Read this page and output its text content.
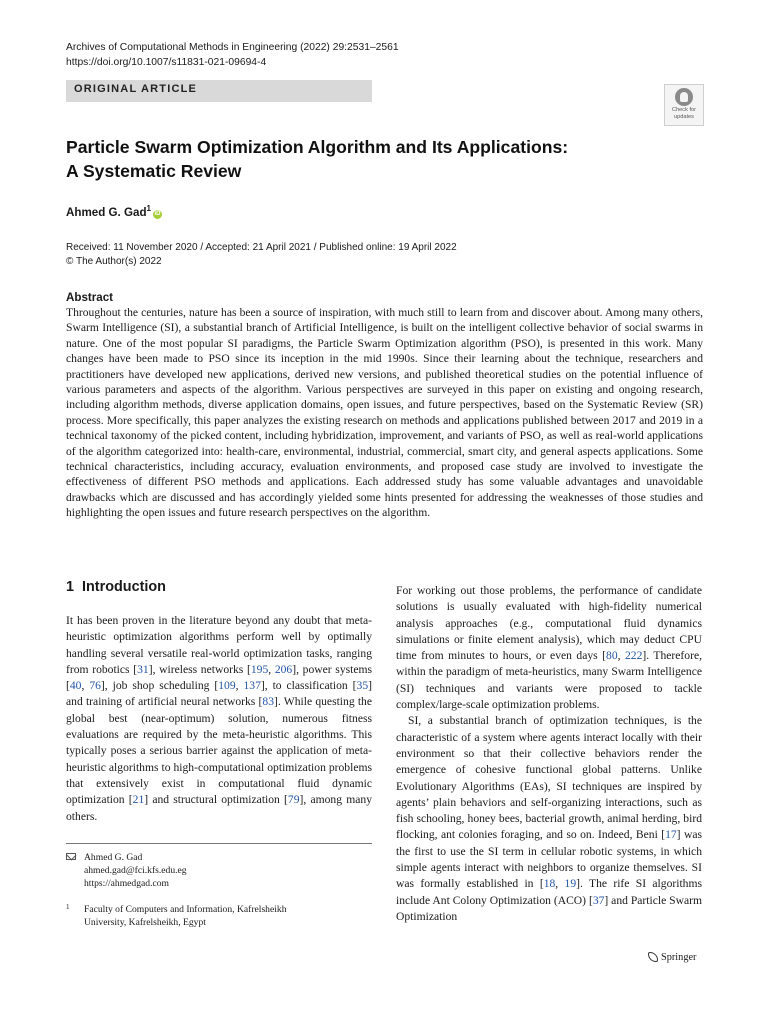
Archives of Computational Methods in Engineering (2022) 29:2531–2561
https://doi.org/10.1007/s11831-021-09694-4
ORIGINAL ARTICLE
Check for
updates
Particle Swarm Optimization Algorithm and Its Applications:
A Systematic Review
Ahmed G. Gad$^1$iD
Received: 11 November 2020 / Accepted: 21 April 2021 / Published online: 19 April 2022
© The Author(s) 2022
Abstract
Throughout the centuries, nature has been a source of inspiration, with much still to learn from and discover about. Among many others, Swarm Intelligence (SI), a substantial branch of Artificial Intelligence, is built on the intelligent collective behavior of social swarms in nature. One of the most popular SI paradigms, the Particle Swarm Optimization algorithm (PSO), is presented in this work. Many changes have been made to PSO since its inception in the mid 1990s. Since their learning about the technique, researchers and practitioners have developed new applications, derived new versions, and published theoretical studies on the potential influence of various parameters and aspects of the algorithm. Various perspectives are surveyed in this paper on existing and ongoing research, including algorithm methods, diverse application domains, open issues, and future perspectives, based on the Systematic Review (SR) process. More specifically, this paper analyzes the existing research on methods and applications published between 2017 and 2019 in a technical taxonomy of the picked content, including hybridization, improvement, and variants of PSO, as well as real-world applications of the algorithm categorized into: health-care, environmental, industrial, commercial, smart city, and general aspects applications. Some technical characteristics, including accuracy, evaluation environments, and proposed case study are involved to investigate the effectiveness of different PSO methods and applications. Each addressed study has some valuable advantages and unavoidable drawbacks which are discussed and has accordingly yielded some hints presented for addressing the weaknesses of those studies and highlighting the open issues and future research perspectives on the algorithm.
1 Introduction

It has been proven in the literature beyond any doubt that meta-heuristic optimization algorithms perform well by optimally handling several versatile real-world optimization tasks, ranging from robotics [31], wireless networks [195, 206], power systems [40, 76], job shop scheduling [109, 137], to classification [35] and training of artificial neural networks [83]. While questing the global best (near-optimum) solution, numerous fitness evaluations are required by the meta-heuristic algorithms. This typically poses a serious barrier against the application of meta-heuristic algorithms to high-computational optimization problems that extensively exist in computational fluid dynamic optimization [21] and structural optimization [79], among many others.

For working out those problems, the performance of candidate solutions is usually evaluated with high-fidelity numerical analysis approaches (e.g., computational fluid dynamics simulations or finite element analysis), which may deduct CPU time from minutes to hours, or even days [80, 222]. Therefore, within the paradigm of meta-heuristics, many Swarm Intelligence (SI) techniques and variants were proposed to tackle complex/large-scale optimization problems.

SI, a substantial branch of optimization techniques, is the characteristic of a system where agents interact locally with their environment so that their collective behaviors render the emergence of cohesive functional global patterns. Unlike Evolutionary Algorithms (EAs), SI techniques are inspired by agents’ plain behaviors and self-organizing interactions, such as fish schooling, honey bees, bacterial growth, animal herding, bird flocking, ant colonies foraging, and so on. Indeed, Beni [17] was the first to use the SI term in cellular robotic systems, in which simple agents interact with neighbors to organize themselves. SI was formally established in [18, 19]. The rife SI algorithms include Ant Colony Optimization (ACO) [37] and Particle Swarm Optimization

Ahmed G. Gad
ahmed.gad@fci.kfs.edu.eg
https://ahmedgad.com
1 Faculty of Computers and Information, Kafrelsheikh
University, Kafrelsheikh, Egypt
Springer
